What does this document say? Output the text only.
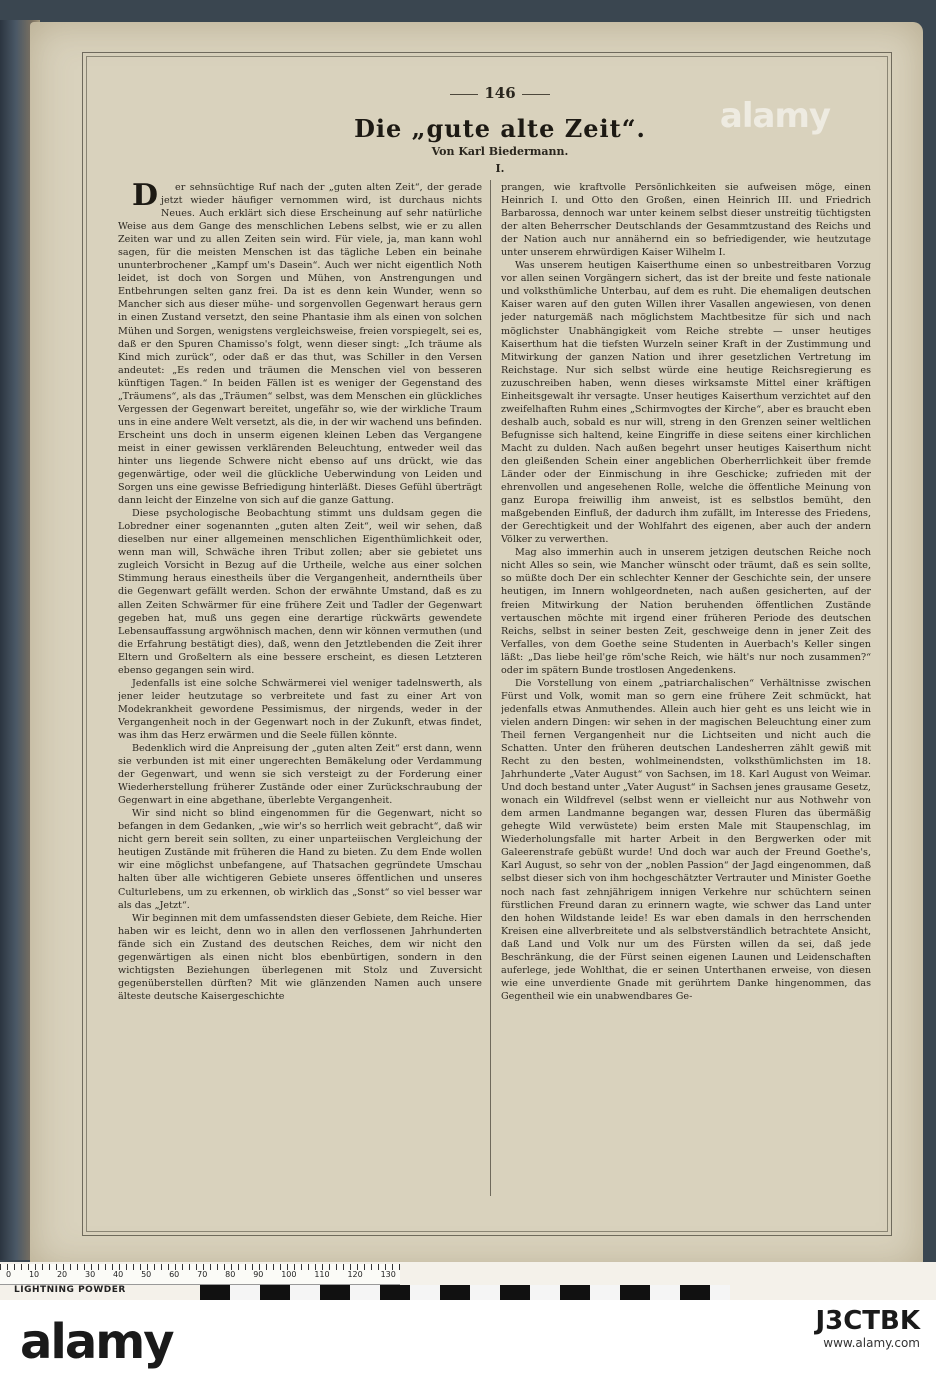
146
Die „gute alte Zeit“.
Von Karl Biedermann.
I.
alamy

D er sehnsüchtige Ruf nach der „guten alten Zeit“, der gerade jetzt wieder häufiger vernommen wird, ist durchaus nichts Neues. Auch erklärt sich diese Erscheinung auf sehr natürliche Weise aus dem Gange des menschlichen Lebens selbst, wie er zu allen Zeiten war und zu allen Zeiten sein wird. Für viele, ja, man kann wohl sagen, für die meisten Menschen ist das tägliche Leben ein beinahe ununterbrochener „Kampf um's Dasein“. Auch wer nicht eigentlich Noth leidet, ist doch von Sorgen und Mühen, von Anstrengungen und Entbehrungen selten ganz frei. Da ist es denn kein Wunder, wenn so Mancher sich aus dieser mühe- und sorgenvollen Gegenwart heraus gern in einen Zustand versetzt, den seine Phantasie ihm als einen von solchen Mühen und Sorgen, wenigstens vergleichsweise, freien vorspiegelt, sei es, daß er den Spuren Chamisso's folgt, wenn dieser singt: „Ich träume als Kind mich zurück“, oder daß er das thut, was Schiller in den Versen andeutet: „Es reden und träumen die Menschen viel von besseren künftigen Tagen.“ In beiden Fällen ist es weniger der Gegenstand des „Träumens“, als das „Träumen“ selbst, was dem Menschen ein glückliches Vergessen der Gegenwart bereitet, ungefähr so, wie der wirkliche Traum uns in eine andere Welt versetzt, als die, in der wir wachend uns befinden. Erscheint uns doch in unserm eigenen kleinen Leben das Vergangene meist in einer gewissen verklärenden Beleuchtung, entweder weil das hinter uns liegende Schwere nicht ebenso auf uns drückt, wie das gegenwärtige, oder weil die glückliche Ueberwindung von Leiden und Sorgen uns eine gewisse Befriedigung hinterläßt. Dieses Gefühl überträgt dann leicht der Einzelne von sich auf die ganze Gattung.

Diese psychologische Beobachtung stimmt uns duldsam gegen die Lobredner einer sogenannten „guten alten Zeit“, weil wir sehen, daß dieselben nur einer allgemeinen menschlichen Eigenthümlichkeit oder, wenn man will, Schwäche ihren Tribut zollen; aber sie gebietet uns zugleich Vorsicht in Bezug auf die Urtheile, welche aus einer solchen Stimmung heraus einestheils über die Vergangenheit, anderntheils über die Gegenwart gefällt werden. Schon der erwähnte Umstand, daß es zu allen Zeiten Schwärmer für eine frühere Zeit und Tadler der Gegenwart gegeben hat, muß uns gegen eine derartige rückwärts gewendete Lebensauffassung argwöhnisch machen, denn wir können vermuthen (und die Erfahrung bestätigt dies), daß, wenn den Jetztlebenden die Zeit ihrer Eltern und Großeltern als eine bessere erscheint, es diesen Letzteren ebenso gegangen sein wird.

Jedenfalls ist eine solche Schwärmerei viel weniger tadelnswerth, als jener leider heutzutage so verbreitete und fast zu einer Art von Modekrankheit gewordene Pessimismus, der nirgends, weder in der Vergangenheit noch in der Gegenwart noch in der Zukunft, etwas findet, was ihm das Herz erwärmen und die Seele füllen könnte.

Bedenklich wird die Anpreisung der „guten alten Zeit“ erst dann, wenn sie verbunden ist mit einer ungerechten Bemäkelung oder Verdammung der Gegenwart, und wenn sie sich versteigt zu der Forderung einer Wiederherstellung früherer Zustände oder einer Zurückschraubung der Gegenwart in eine abgethane, überlebte Vergangenheit.

Wir sind nicht so blind eingenommen für die Gegenwart, nicht so befangen in dem Gedanken, „wie wir's so herrlich weit gebracht“, daß wir nicht gern bereit sein sollten, zu einer unparteiischen Vergleichung der heutigen Zustände mit früheren die Hand zu bieten. Zu dem Ende wollen wir eine möglichst unbefangene, auf Thatsachen gegründete Umschau halten über alle wichtigeren Gebiete unseres öffentlichen und unseres Culturlebens, um zu erkennen, ob wirklich das „Sonst“ so viel besser war als das „Jetzt“.

Wir beginnen mit dem umfassendsten dieser Gebiete, dem Reiche. Hier haben wir es leicht, denn wo in allen den verflossenen Jahrhunderten fände sich ein Zustand des deutschen Reiches, dem wir nicht den gegenwärtigen als einen nicht blos ebenbürtigen, sondern in den wichtigsten Beziehungen überlegenen mit Stolz und Zuversicht gegenüberstellen dürften? Mit wie glänzenden Namen auch unsere älteste deutsche Kaisergeschichte

prangen, wie kraftvolle Persönlichkeiten sie aufweisen möge, einen Heinrich I. und Otto den Großen, einen Heinrich III. und Friedrich Barbarossa, dennoch war unter keinem selbst dieser unstreitig tüchtigsten der alten Beherrscher Deutschlands der Gesammtzustand des Reichs und der Nation auch nur annähernd ein so befriedigender, wie heutzutage unter unserem ehrwürdigen Kaiser Wilhelm I.

Was unserem heutigen Kaiserthume einen so unbestreitbaren Vorzug vor allen seinen Vorgängern sichert, das ist der breite und feste nationale und volksthümliche Unterbau, auf dem es ruht. Die ehemaligen deutschen Kaiser waren auf den guten Willen ihrer Vasallen angewiesen, von denen jeder naturgemäß nach möglichstem Machtbesitze für sich und nach möglichster Unabhängigkeit vom Reiche strebte — unser heutiges Kaiserthum hat die tiefsten Wurzeln seiner Kraft in der Zustimmung und Mitwirkung der ganzen Nation und ihrer gesetzlichen Vertretung im Reichstage. Nur sich selbst würde eine heutige Reichsregierung es zuzuschreiben haben, wenn dieses wirksamste Mittel einer kräftigen Einheitsgewalt ihr versagte. Unser heutiges Kaiserthum verzichtet auf den zweifelhaften Ruhm eines „Schirmvogtes der Kirche“, aber es braucht eben deshalb auch, sobald es nur will, streng in den Grenzen seiner weltlichen Befugnisse sich haltend, keine Eingriffe in diese seitens einer kirchlichen Macht zu dulden. Nach außen begehrt unser heutiges Kaiserthum nicht den gleißenden Schein einer angeblichen Oberherrlichkeit über fremde Länder oder der Einmischung in ihre Geschicke; zufrieden mit der ehrenvollen und angesehenen Rolle, welche die öffentliche Meinung von ganz Europa freiwillig ihm anweist, ist es selbstlos bemüht, den maßgebenden Einfluß, der dadurch ihm zufällt, im Interesse des Friedens, der Gerechtigkeit und der Wohlfahrt des eigenen, aber auch der andern Völker zu verwerthen.

Mag also immerhin auch in unserem jetzigen deutschen Reiche noch nicht Alles so sein, wie Mancher wünscht oder träumt, daß es sein sollte, so müßte doch Der ein schlechter Kenner der Geschichte sein, der unsere heutigen, im Innern wohlgeordneten, nach außen gesicherten, auf der freien Mitwirkung der Nation beruhenden öffentlichen Zustände vertauschen möchte mit irgend einer früheren Periode des deutschen Reichs, selbst in seiner besten Zeit, geschweige denn in jener Zeit des Verfalles, von dem Goethe seine Studenten in Auerbach's Keller singen läßt: „Das liebe heil'ge röm'sche Reich, wie hält's nur noch zusammen?“ oder im spätern Bunde trostlosen Angedenkens.

Die Vorstellung von einem „patriarchalischen“ Verhältnisse zwischen Fürst und Volk, womit man so gern eine frühere Zeit schmückt, hat jedenfalls etwas Anmuthendes. Allein auch hier geht es uns leicht wie in vielen andern Dingen: wir sehen in der magischen Beleuchtung einer zum Theil fernen Vergangenheit nur die Lichtseiten und nicht auch die Schatten. Unter den früheren deutschen Landesherren zählt gewiß mit Recht zu den besten, wohlmeinendsten, volksthümlichsten im 18. Jahrhunderte „Vater August“ von Sachsen, im 18. Karl August von Weimar. Und doch bestand unter „Vater August“ in Sachsen jenes grausame Gesetz, wonach ein Wildfrevel (selbst wenn er vielleicht nur aus Nothwehr von dem armen Landmanne begangen war, dessen Fluren das übermäßig gehegte Wild verwüstete) beim ersten Male mit Staupenschlag, im Wiederholungsfalle mit harter Arbeit in den Bergwerken oder mit Galeerenstrafe gebüßt wurde! Und doch war auch der Freund Goethe's, Karl August, so sehr von der „noblen Passion“ der Jagd eingenommen, daß selbst dieser sich von ihm hochgeschätzter Vertrauter und Minister Goethe noch nach fast zehnjährigem innigen Verkehre nur schüchtern seinen fürstlichen Freund daran zu erinnern wagte, wie schwer das Land unter den hohen Wildstande leide! Es war eben damals in den herrschenden Kreisen eine allverbreitete und als selbstverständlich betrachtete Ansicht, daß Land und Volk nur um des Fürsten willen da sei, daß jede Beschränkung, die der Fürst seinen eigenen Launen und Leidenschaften auferlege, jede Wohlthat, die er seinen Unterthanen erweise, von diesen wie eine unverdiente Gnade mit gerührtem Danke hingenommen, das Gegentheil wie ein unabwendbares Ge-

0 10 20 30 40 50 60 70 80 90 100 110 120 130
LIGHTNING POWDER
alamy	J3CTBK
www.alamy.com
